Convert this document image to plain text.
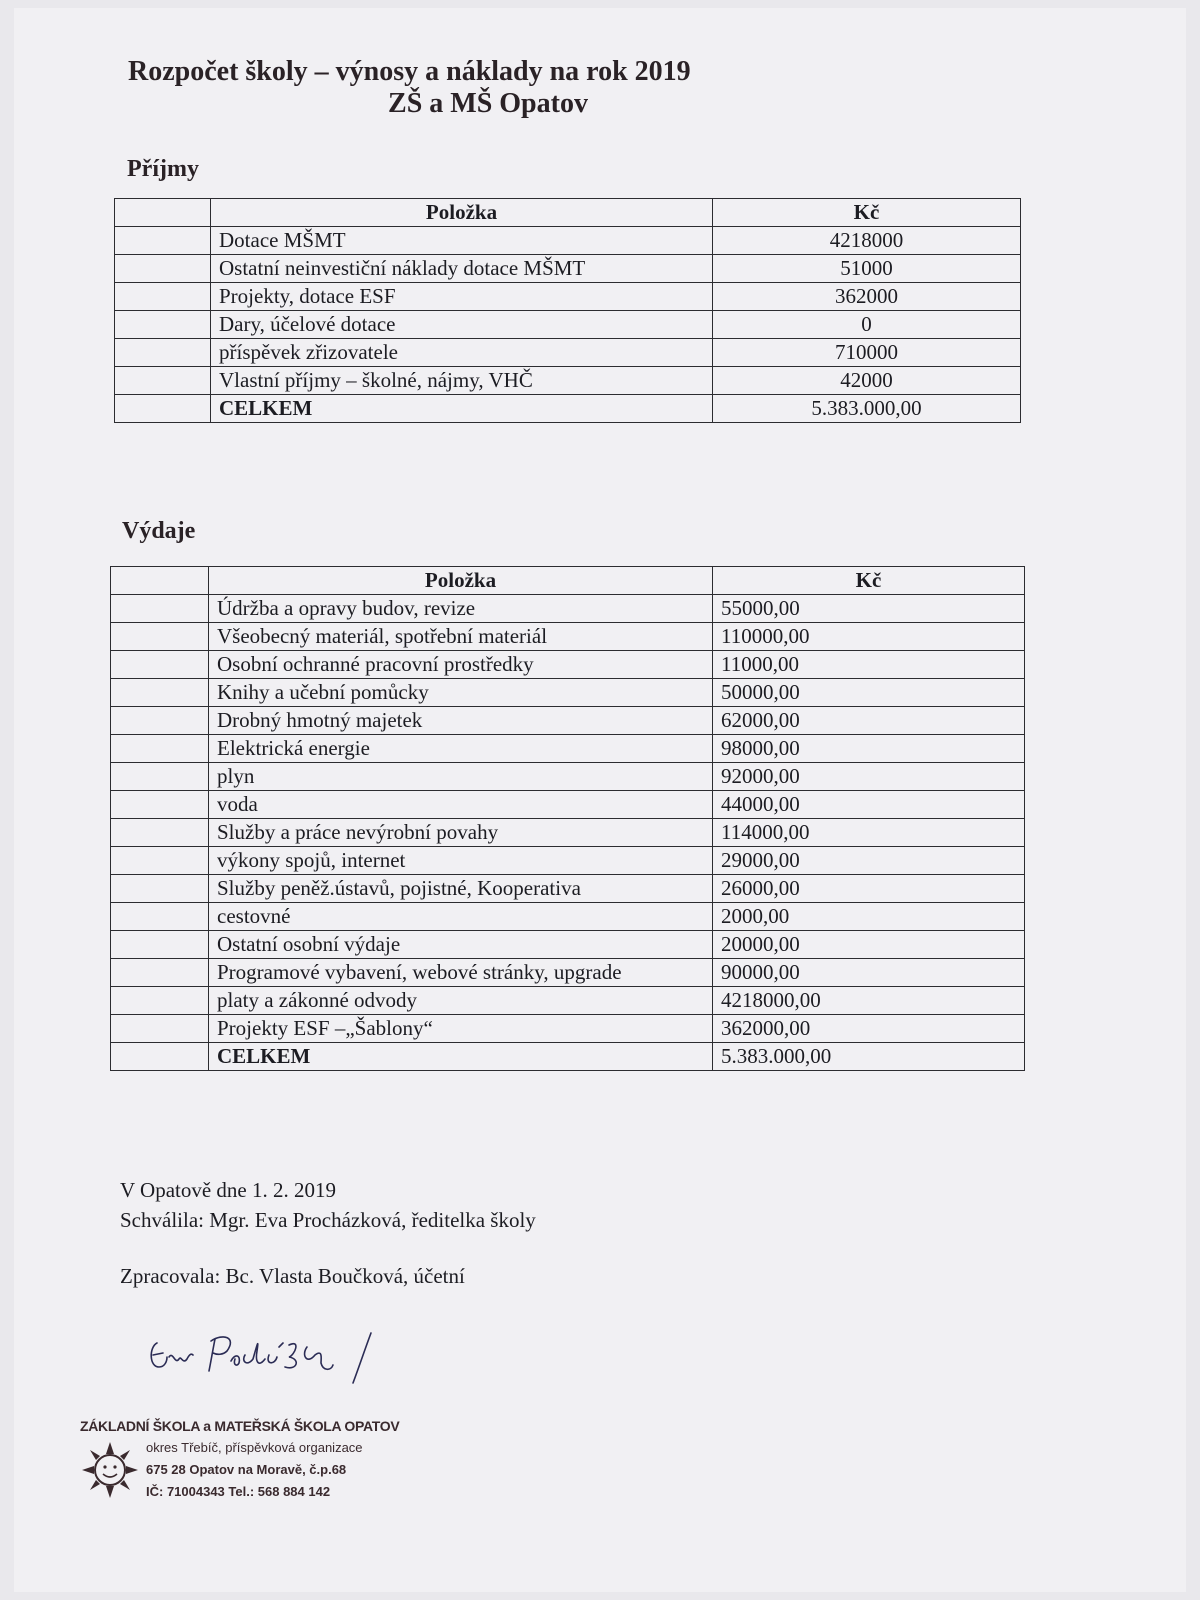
Rozpočet školy – výnosy a náklady na rok 2019
ZŠ a MŠ Opatov
Příjmy
	Položka	Kč
	Dotace MŠMT	4218000
	Ostatní neinvestiční náklady dotace MŠMT	51000
	Projekty, dotace ESF	362000
	Dary, účelové dotace	0
	příspěvek zřizovatele	710000
	Vlastní příjmy – školné, nájmy, VHČ	42000
	CELKEM	5.383.000,00
Výdaje
	Položka	Kč
	Údržba a opravy budov, revize	55000,00
	Všeobecný materiál, spotřební materiál	110000,00
	Osobní ochranné pracovní prostředky	11000,00
	Knihy a učební pomůcky	50000,00
	Drobný hmotný majetek	62000,00
	Elektrická energie	98000,00
	plyn	92000,00
	voda	44000,00
	Služby a práce nevýrobní povahy	114000,00
	výkony spojů, internet	29000,00
	Služby peněž.ústavů, pojistné, Kooperativa	26000,00
	cestovné	2000,00
	Ostatní osobní výdaje	20000,00
	Programové vybavení, webové stránky, upgrade	90000,00
	platy a zákonné odvody	4218000,00
	Projekty ESF –„Šablony“	362000,00
	CELKEM	5.383.000,00
V Opatově dne 1. 2. 2019
Schválila: Mgr. Eva Procházková, ředitelka školy
Zpracovala: Bc. Vlasta Boučková, účetní
ZÁKLADNÍ ŠKOLA a MATEŘSKÁ ŠKOLA OPATOV
okres Třebíč, příspěvková organizace
675 28 Opatov na Moravě, č.p.68
IČ: 71004343 Tel.: 568 884 142
